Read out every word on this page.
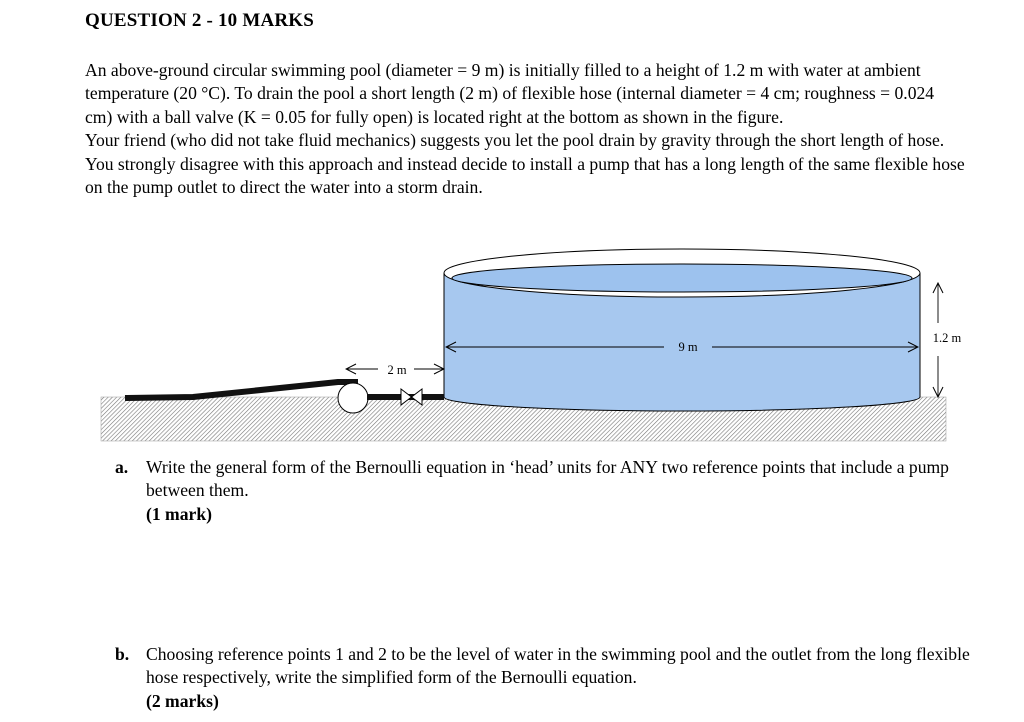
QUESTION 2 - 10 MARKS

An above-ground circular swimming pool (diameter = 9 m) is initially filled to a height of 1.2 m with water at ambient temperature (20 °C). To drain the pool a short length (2 m) of flexible hose (internal diameter = 4 cm; roughness = 0.024 cm) with a ball valve (K = 0.05 for fully open) is located right at the bottom as shown in the figure.

Your friend (who did not take fluid mechanics) suggests you let the pool drain by gravity through the short length of hose. You strongly disagree with this approach and instead decide to install a pump that has a long length of the same flexible hose on the pump outlet to direct the water into a storm drain.

9 m
1.2 m
2 m
a. Write the general form of the Bernoulli equation in ‘head’ units for ANY two reference points that include a pump between them.
(1 mark)
b. Choosing reference points 1 and 2 to be the level of water in the swimming pool and the outlet from the long flexible hose respectively, write the simplified form of the Bernoulli equation.
(2 marks)
